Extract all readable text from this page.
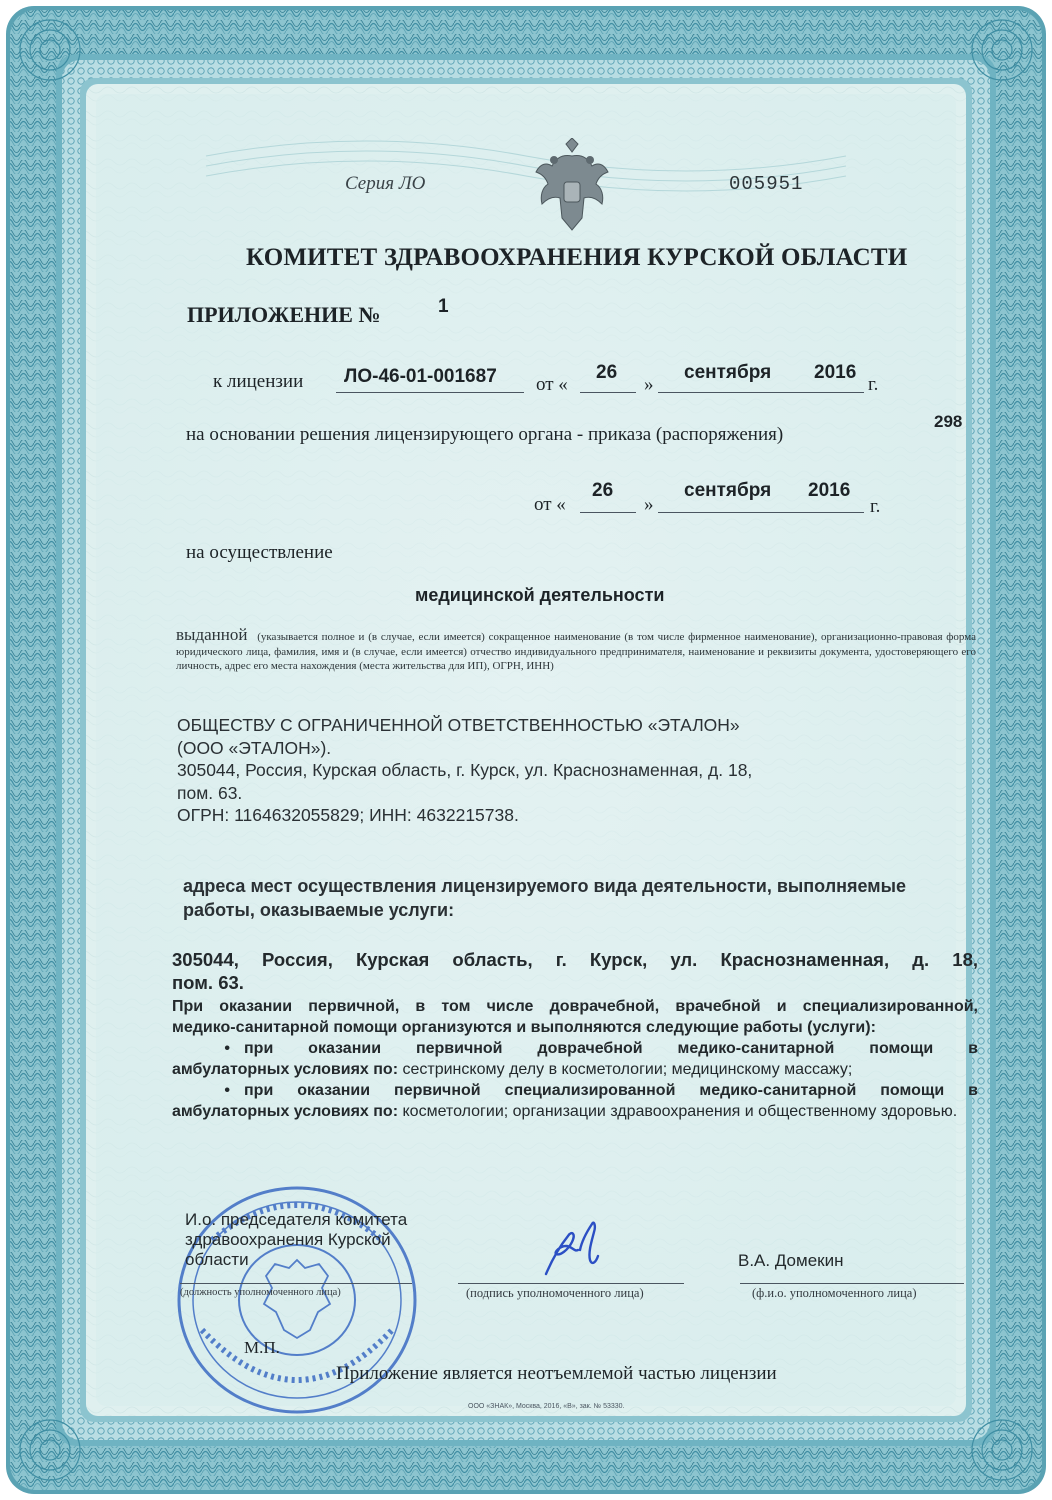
Серия ЛО	005951
КОМИТЕТ ЗДРАВООХРАНЕНИЯ КУРСКОЙ ОБЛАСТИ
ПРИЛОЖЕНИЕ №	1
к лицензии ЛО-46-01-001687 от «
26
»
сентября 2016
г.
на основании решения лицензирующего органа - приказа (распоряжения)
298
от «
26
»
сентября 2016
г.
на осуществление
медицинской деятельности

выданной (указывается полное и (в случае, если имеется) сокращенное наименование (в том числе фирменное наименование), организационно-правовая форма юридического лица, фамилия, имя и (в случае, если имеется) отчество индивидуального предпринимателя, наименование и реквизиты документа, удостоверяющего его личность, адрес его места нахождения (места жительства для ИП), ОГРН, ИНН)

ОБЩЕСТВУ С ОГРАНИЧЕННОЙ ОТВЕТСТВЕННОСТЬЮ «ЭТАЛОН»
(ООО «ЭТАЛОН»).
305044, Россия, Курская область, г. Курск, ул. Краснознаменная, д. 18,
пом. 63.
ОГРН: 1164632055829; ИНН: 4632215738.
адреса мест осуществления лицензируемого вида деятельности, выполняемые
работы, оказываемые услуги:
305044, Россия, Курская область, г. Курск, ул. Краснознаменная, д. 18,
пом. 63.
При оказании первичной, в том числе доврачебной, врачебной и специализированной,
медико-санитарной помощи организуются и выполняются следующие работы (услуги):
• при оказании первичной доврачебной медико-санитарной помощи в
амбулаторных условиях по: сестринскому делу в косметологии; медицинскому массажу;
• при оказании первичной специализированной медико-санитарной помощи в
амбулаторных условиях по: косметологии; организации здравоохранения и общественному здоровью.
И.о. председателя комитета
здравоохранения Курской
области
(должность уполномоченного лица)	(подпись уполномоченного лица)
В.А. Домекин
(ф.и.о. уполномоченного лица)
М.П.
Приложение является неотъемлемой частью лицензии
ООО «ЗНАК», Москва, 2016, «В», зак. № 53330.
